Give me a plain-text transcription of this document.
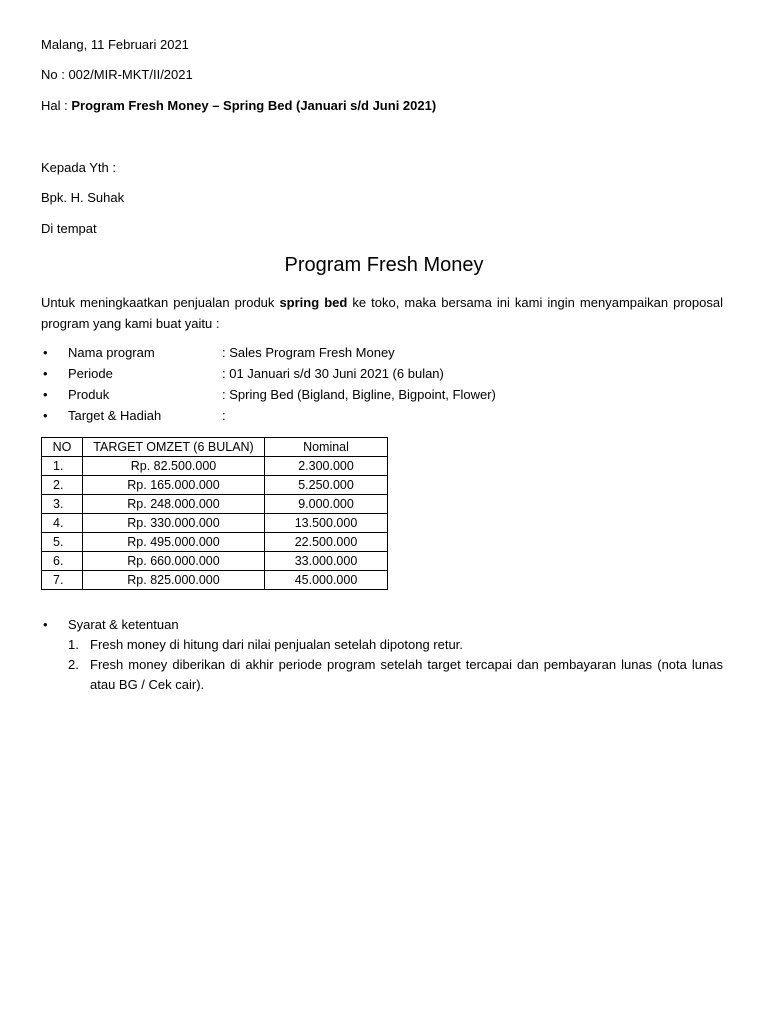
Malang, 11 Februari 2021
No : 002/MIR-MKT/II/2021
Hal : Program Fresh Money – Spring Bed (Januari s/d Juni 2021)
Kepada Yth :
Bpk. H. Suhak
Di tempat
Program Fresh Money
Untuk meningkaatkan penjualan produk spring bed ke toko, maka bersama ini kami ingin menyampaikan proposal program yang kami buat yaitu :
• Nama program	: Sales Program Fresh Money
• Periode	: 01 Januari s/d 30 Juni 2021 (6 bulan)
• Produk	: Spring Bed (Bigland, Bigline, Bigpoint, Flower)
• Target & Hadiah	:
NO	TARGET OMZET (6 BULAN)	Nominal
1.	Rp. 82.500.000	2.300.000
2.	Rp. 165.000.000	5.250.000
3.	Rp. 248.000.000	9.000.000
4.	Rp. 330.000.000	13.500.000
5.	Rp. 495.000.000	22.500.000
6.	Rp. 660.000.000	33.000.000
7.	Rp. 825.000.000	45.000.000
• Syarat & ketentuan
1. Fresh money di hitung dari nilai penjualan setelah dipotong retur.
2. Fresh money diberikan di akhir periode program setelah target tercapai dan pembayaran lunas (nota lunas atau BG / Cek cair).
